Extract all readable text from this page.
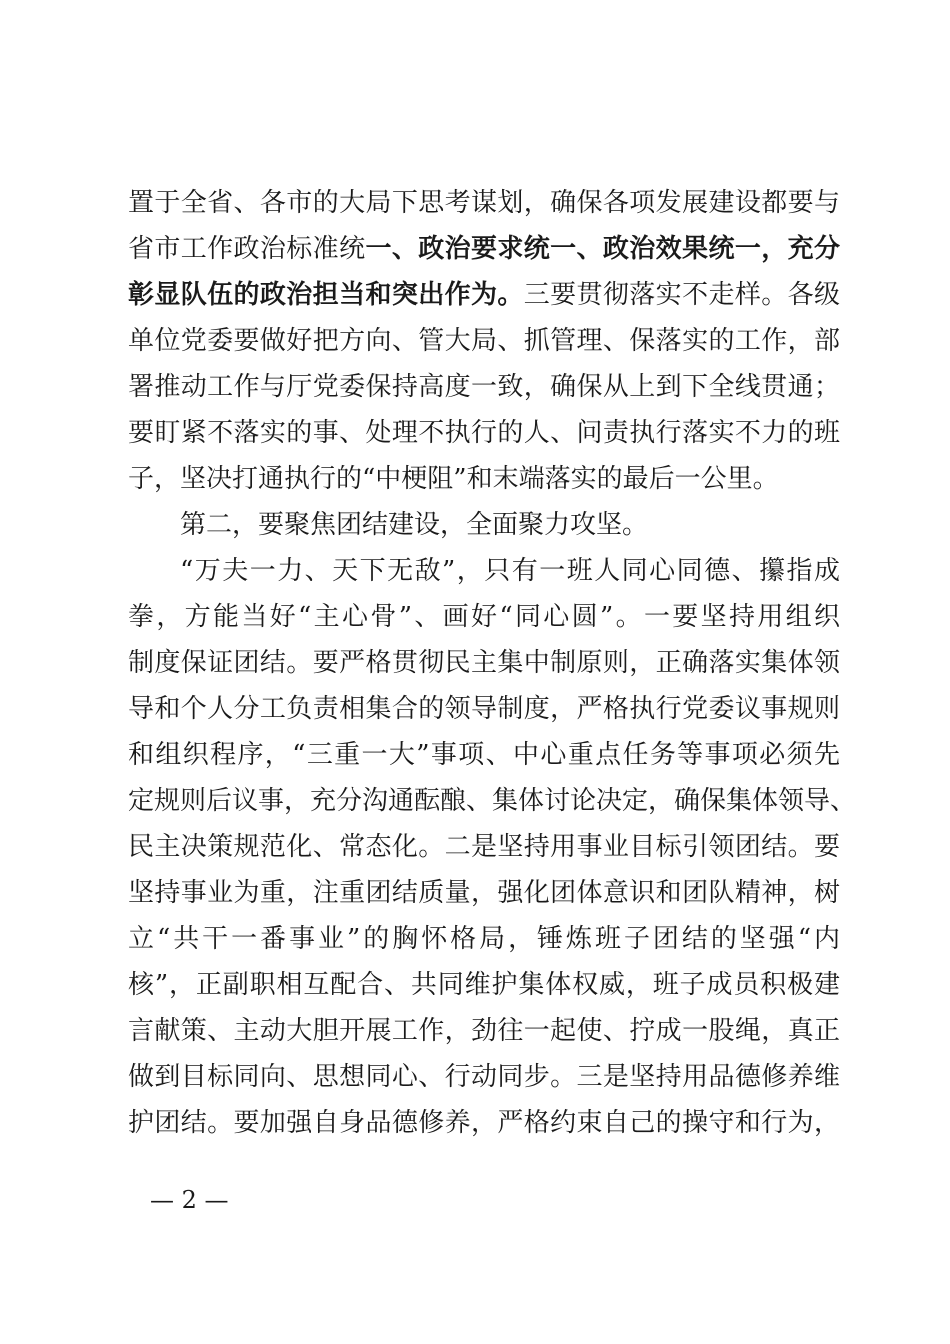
置于全省、各市的大局下思考谋划，确保各项发展建设都要与
省市工作政治标准统一、政治要求统一、政治效果统一，充分
彰显队伍的政治担当和突出作为。三要贯彻落实不走样。各级
单位党委要做好把方向、管大局、抓管理、保落实的工作，部
署推动工作与厅党委保持高度一致，确保从上到下全线贯通；
要盯紧不落实的事、处理不执行的人、问责执行落实不力的班
子，坚决打通执行的“中梗阻”和末端落实的最后一公里。
第二，要聚焦团结建设，全面聚力攻坚。
“万夫一力、天下无敌”，只有一班人同心同德、攥指成
拳，方能当好“主心骨”、画好“同心圆”。一要坚持用组织
制度保证团结。要严格贯彻民主集中制原则，正确落实集体领
导和个人分工负责相集合的领导制度，严格执行党委议事规则
和组织程序，“三重一大”事项、中心重点任务等事项必须先
定规则后议事，充分沟通酝酿、集体讨论决定，确保集体领导、
民主决策规范化、常态化。二是坚持用事业目标引领团结。要
坚持事业为重，注重团结质量，强化团体意识和团队精神，树
立“共干一番事业”的胸怀格局，锤炼班子团结的坚强“内
核”，正副职相互配合、共同维护集体权威，班子成员积极建
言献策、主动大胆开展工作，劲往一起使、拧成一股绳，真正
做到目标同向、思想同心、行动同步。三是坚持用品德修养维
护团结。要加强自身品德修养，严格约束自己的操守和行为，
— 2 —
